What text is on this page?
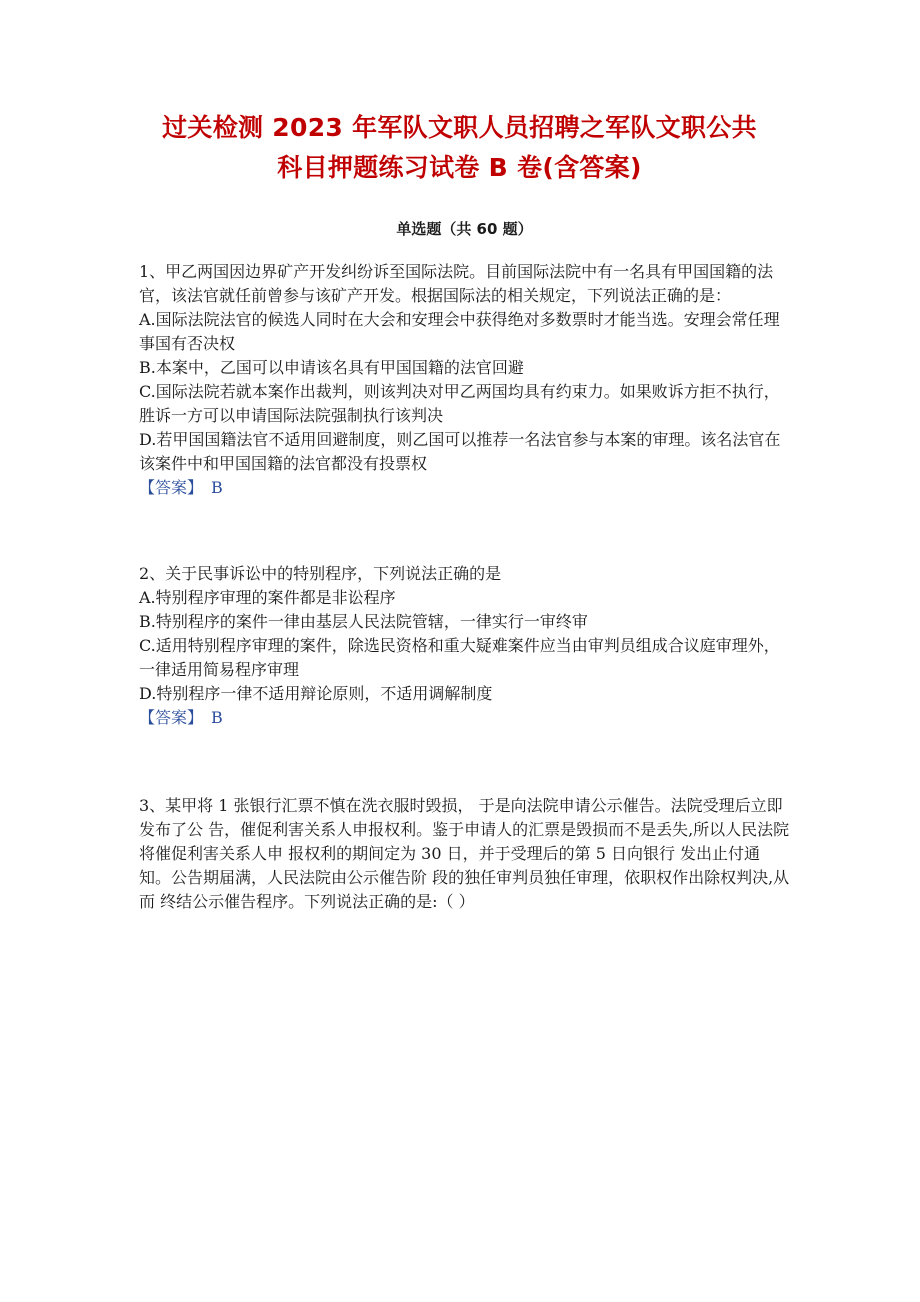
过关检测 2023 年军队文职人员招聘之军队文职公共
科目押题练习试卷 B 卷(含答案)
单选题（共 60 题）

1、甲乙两国因边界矿产开发纠纷诉至国际法院。目前国际法院中有一名具有甲国国籍的法官，该法官就任前曾参与该矿产开发。根据国际法的相关规定，下列说法正确的是：

A.国际法院法官的候选人同时在大会和安理会中获得绝对多数票时才能当选。安理会常任理事国有否决权

B.本案中，乙国可以申请该名具有甲国国籍的法官回避

C.国际法院若就本案作出裁判，则该判决对甲乙两国均具有约束力。如果败诉方拒不执行，胜诉一方可以申请国际法院强制执行该判决

D.若甲国国籍法官不适用回避制度，则乙国可以推荐一名法官参与本案的审理。该名法官在该案件中和甲国国籍的法官都没有投票权

【答案】 B

2、关于民事诉讼中的特别程序，下列说法正确的是

A.特别程序审理的案件都是非讼程序

B.特别程序的案件一律由基层人民法院管辖，一律实行一审终审

C.适用特别程序审理的案件，除选民资格和重大疑难案件应当由审判员组成合议庭审理外，一律适用简易程序审理

D.特别程序一律不适用辩论原则，不适用调解制度

【答案】 B

3、某甲将 1 张银行汇票不慎在洗衣服时毁损， 于是向法院申请公示催告。法院受理后立即发布了公 告，催促利害关系人申报权利。鉴于申请人的汇票是毁损而不是丢失,所以人民法院将催促利害关系人申 报权利的期间定为 30 日，并于受理后的第 5 日向银行 发出止付通知。公告期届满，人民法院由公示催告阶 段的独任审判员独任审理，依职权作出除权判决,从而 终结公示催告程序。下列说法正确的是:（ ）
